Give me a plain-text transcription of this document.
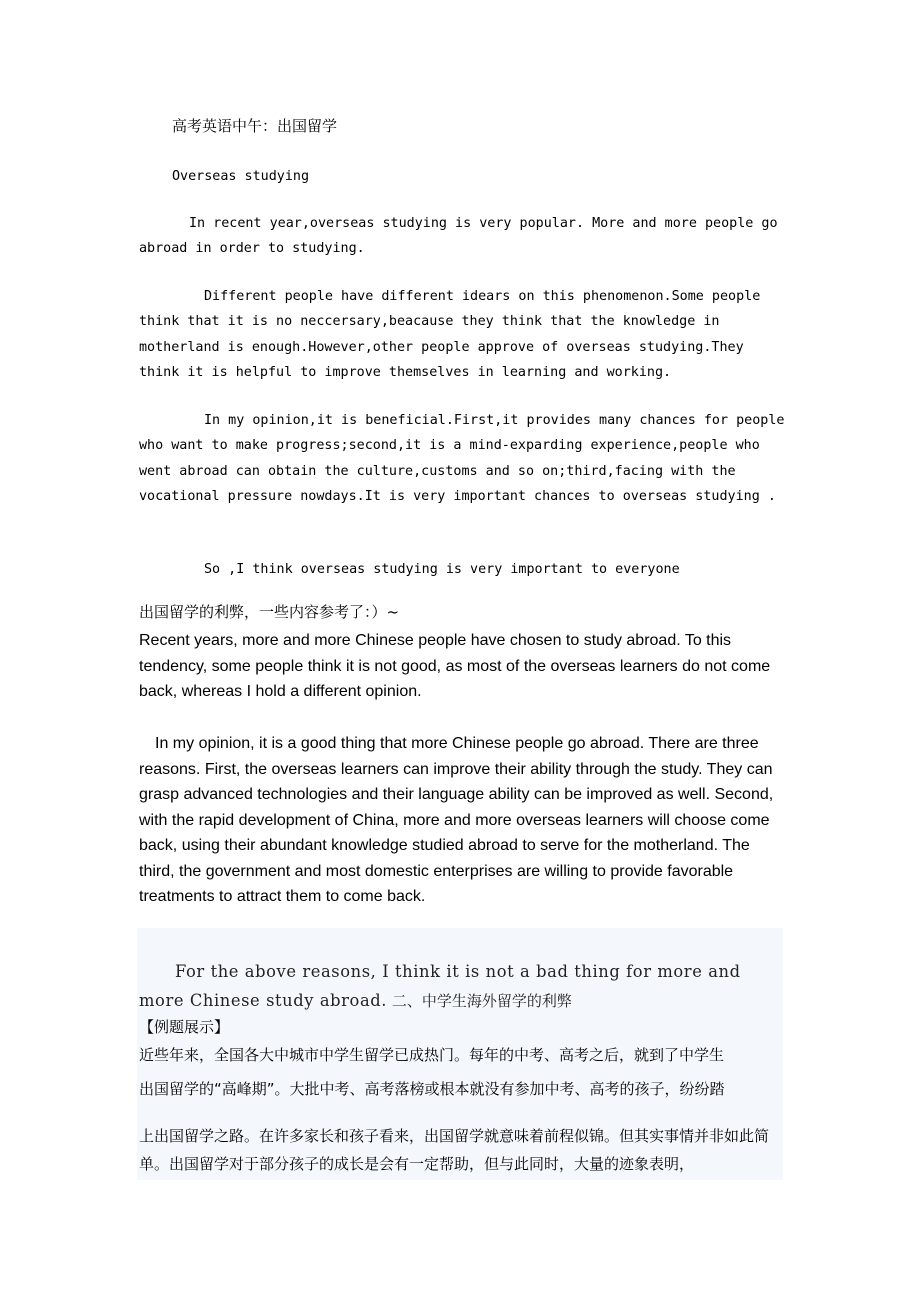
高考英语中午：出国留学

Overseas studying

In recent year,overseas studying is very popular. More and more people go abroad in order to studying.

Different people have different idears on this phenomenon.Some people think that it is no neccersary,beacause they think that the knowledge in motherland is enough.However,other people approve of overseas studying.They think it is helpful to improve themselves in learning and working.

In my opinion,it is beneficial.First,it provides many chances for people who want to make progress;second,it is a mind-exparding experience,people who went abroad can obtain the culture,customs and so on;third,facing with the vocational pressure nowdays.It is very important chances to overseas studying .

So ,I think overseas studying is very important to everyone

出国留学的利弊，一些内容参考了：）~

Recent years, more and more Chinese people have chosen to study abroad. To this tendency, some people think it is not good, as most of the overseas learners do not come back, whereas I hold a different opinion.

In my opinion, it is a good thing that more Chinese people go abroad. There are three reasons. First, the overseas learners can improve their ability through the study. They can grasp advanced technologies and their language ability can be improved as well. Second, with the rapid development of China, more and more overseas learners will choose come back, using their abundant knowledge studied abroad to serve for the motherland. The third, the government and most domestic enterprises are willing to provide favorable treatments to attract them to come back.

For the above reasons, I think it is not a bad thing for more and more Chinese study abroad. 二、中学生海外留学的利弊

【例题展示】

近些年来，全国各大中城市中学生留学已成热门。每年的中考、高考之后，就到了中学生

出国留学的“高峰期”。大批中考、高考落榜或根本就没有参加中考、高考的孩子，纷纷踏

上出国留学之路。在许多家长和孩子看来，出国留学就意味着前程似锦。但其实事情并非如此简单。出国留学对于部分孩子的成长是会有一定帮助，但与此同时，大量的迹象表明，
